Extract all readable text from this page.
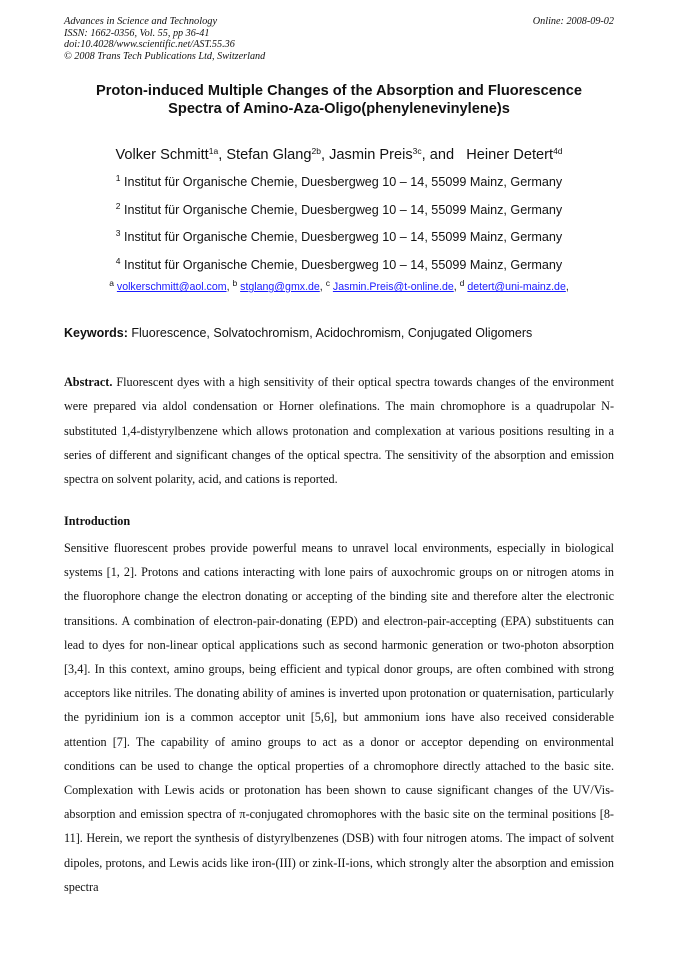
Advances in Science and Technology
ISSN: 1662-0356, Vol. 55, pp 36-41
doi:10.4028/www.scientific.net/AST.55.36
© 2008 Trans Tech Publications Ltd, Switzerland
Online: 2008-09-02
Proton-induced Multiple Changes of the Absorption and Fluorescence
Spectra of Amino-Aza-Oligo(phenylenevinylene)s
Volker Schmitt$^{1a}$, Stefan Glang$^{2b}$, Jasmin Preis$^{3c}$, and   Heiner Detert$^{4d}$
$^1$ Institut für Organische Chemie, Duesbergweg 10 – 14, 55099 Mainz, Germany
$^2$ Institut für Organische Chemie, Duesbergweg 10 – 14, 55099 Mainz, Germany
$^3$ Institut für Organische Chemie, Duesbergweg 10 – 14, 55099 Mainz, Germany
$^4$ Institut für Organische Chemie, Duesbergweg 10 – 14, 55099 Mainz, Germany
$^a$ volkerschmitt@aol.com, $^b$ stglang@gmx.de, $^c$ Jasmin.Preis@t-online.de, $^d$ detert@uni-mainz.de,
Keywords: Fluorescence, Solvatochromism, Acidochromism, Conjugated Oligomers
Abstract. Fluorescent dyes with a high sensitivity of their optical spectra towards changes of the environment were prepared via aldol condensation or Horner olefinations. The main chromophore is a quadrupolar N-substituted 1,4-distyrylbenzene which allows protonation and complexation at various positions resulting in a series of different and significant changes of the optical spectra. The sensitivity of the absorption and emission spectra on solvent polarity, acid, and cations is reported.
Introduction
Sensitive fluorescent probes provide powerful means to unravel local environments, especially in biological systems [1, 2]. Protons and cations interacting with lone pairs of auxochromic groups on or nitrogen atoms in the fluorophore change the electron donating or accepting of the binding site and therefore alter the electronic transitions. A combination of electron-pair-donating (EPD) and electron-pair-accepting (EPA) substituents can lead to dyes for non-linear optical applications such as second harmonic generation or two-photon absorption [3,4]. In this context, amino groups, being efficient and typical donor groups, are often combined with strong acceptors like nitriles. The donating ability of amines is inverted upon protonation or quaternisation, particularly the pyridinium ion is a common acceptor unit [5,6], but ammonium ions have also received considerable attention [7]. The capability of amino groups to act as a donor or acceptor depending on environmental conditions can be used to change the optical properties of a chromophore directly attached to the basic site. Complexation with Lewis acids or protonation has been shown to cause significant changes of the UV/Vis-absorption and emission spectra of π-conjugated chromophores with the basic site on the terminal positions [8-11]. Herein, we report the synthesis of distyrylbenzenes (DSB) with four nitrogen atoms. The impact of solvent dipoles, protons, and Lewis acids like iron-(III) or zink-II-ions, which strongly alter the absorption and emission spectra
